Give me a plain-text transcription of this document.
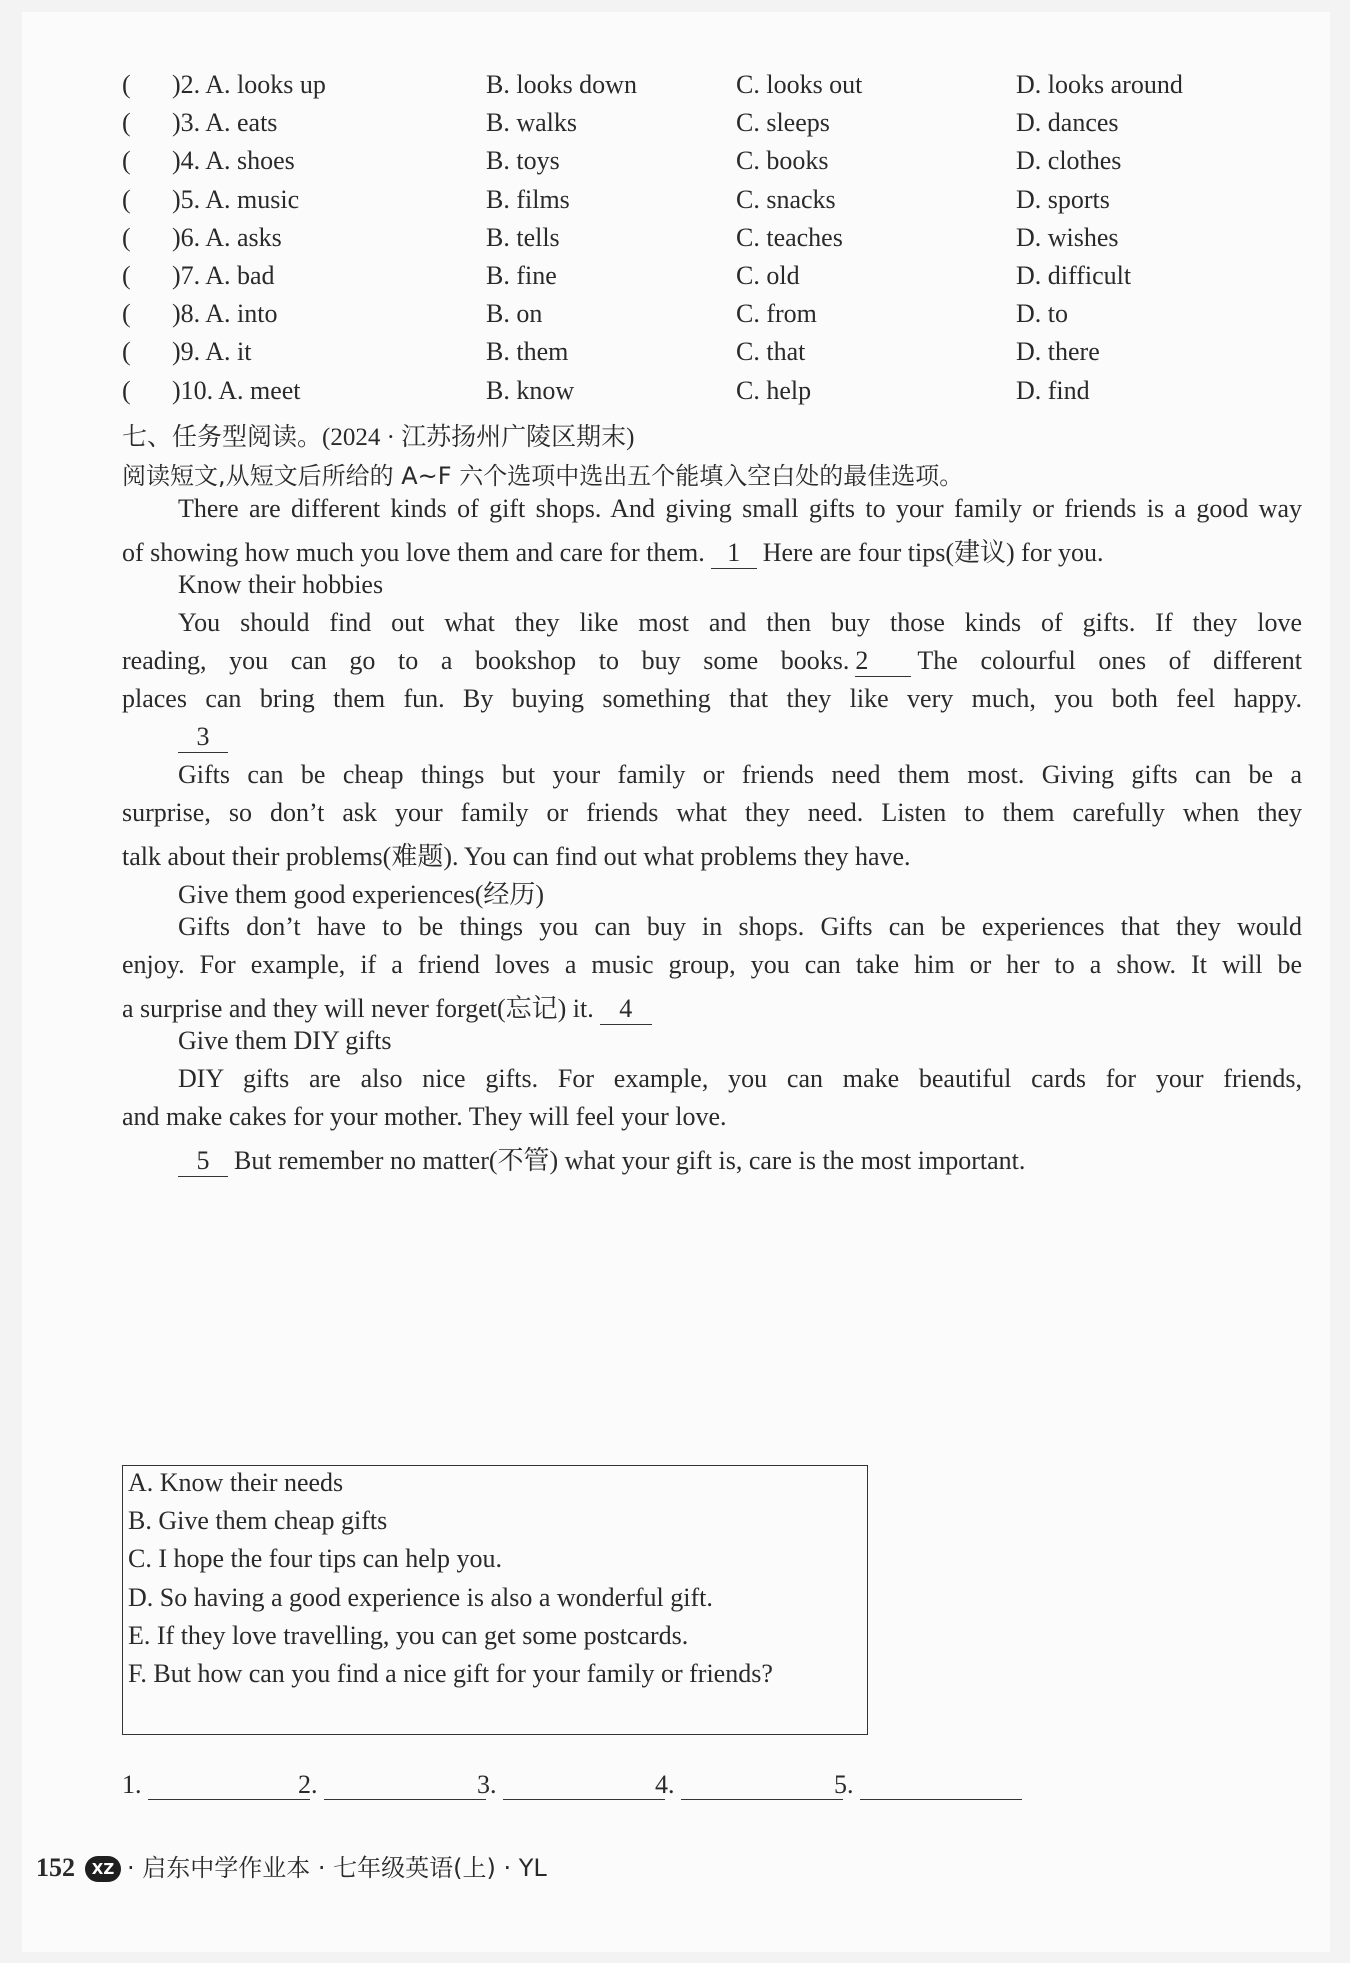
( )2. A. looks up	B. looks down	C. looks out	D. looks around
( )3. A. eats	B. walks	C. sleeps	D. dances
( )4. A. shoes	B. toys	C. books	D. clothes
( )5. A. music	B. films	C. snacks	D. sports
( )6. A. asks	B. tells	C. teaches	D. wishes
( )7. A. bad	B. fine	C. old	D. difficult
( )8. A. into	B. on	C. from	D. to
( )9. A. it	B. them	C. that	D. there
( )10. A. meet	B. know	C. help	D. find
七、任务型阅读。(2024 · 江苏扬州广陵区期末)
阅读短文,从短文后所给的 A~F 六个选项中选出五个能填入空白处的最佳选项。
There are different kinds of gift shops. And giving small gifts to your family or friends is a good way
of showing how much you love them and care for them. 1 Here are four tips(建议) for you.
Know their hobbies
You should find out what they like most and then buy those kinds of gifts. If they love
reading, you can go to a bookshop to buy some books. 2 The colourful ones of different
places can bring them fun. By buying something that they like very much, you both feel happy.
3
Gifts can be cheap things but your family or friends need them most. Giving gifts can be a
surprise, so don’t ask your family or friends what they need. Listen to them carefully when they
talk about their problems(难题). You can find out what problems they have.
Give them good experiences(经历)
Gifts don’t have to be things you can buy in shops. Gifts can be experiences that they would
enjoy. For example, if a friend loves a music group, you can take him or her to a show. It will be
a surprise and they will never forget(忘记) it. 4
Give them DIY gifts
DIY gifts are also nice gifts. For example, you can make beautiful cards for your friends,
and make cakes for your mother. They will feel your love.
5 But remember no matter(不管) what your gift is, care is the most important.
A. Know their needs
B. Give them cheap gifts
C. I hope the four tips can help you.
D. So having a good experience is also a wonderful gift.
E. If they love travelling, you can get some postcards.
F. But how can you find a nice gift for your family or friends?
1.	2.	3.	4.	5.
152 XZ · 启东中学作业本 · 七年级英语(上) · YL
